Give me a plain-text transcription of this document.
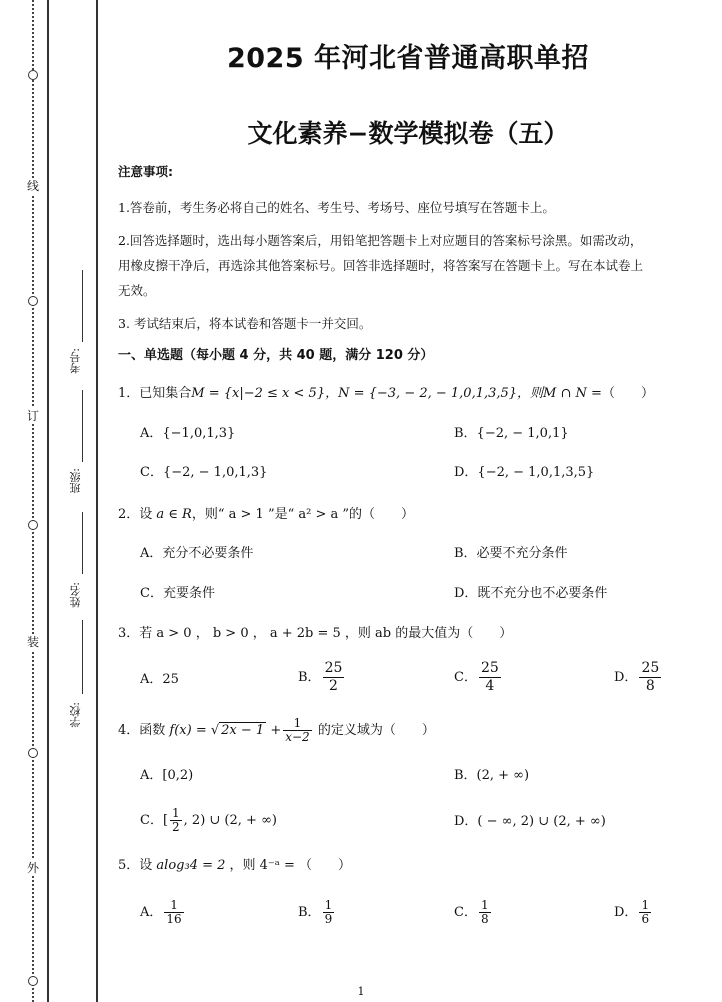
线
订
装
外
考号:
班级:
姓名:
学校:
2025 年河北省普通高职单招
文化素养−数学模拟卷（五）
注意事项:
1.答卷前，考生务必将自己的姓名、考生号、考场号、座位号填写在答题卡上。
2.回答选择题时，选出每小题答案后，用铅笔把答题卡上对应题目的答案标号涂黑。如需改动，
用橡皮擦干净后，再选涂其他答案标号。回答非选择题时，将答案写在答题卡上。写在本试卷上
无效。
3. 考试结束后，将本试卷和答题卡一并交回。
一、单选题（每小题 4 分，共 40 题，满分 120 分）
1．已知集合M = {x|−2 ≤ x < 5}，N = {−3, − 2, − 1,0,1,3,5}，则M ∩ N =（　　）
A．{−1,0,1,3}	B．{−2, − 1,0,1}
C．{−2, − 1,0,1,3}	D．{−2, − 1,0,1,3,5}
2．设 a ∈ R，则“ a > 1 ”是“ a² > a ”的（　　）
A．充分不必要条件	B．必要不充分条件
C．充要条件	D．既不充分也不必要条件
3．若 a > 0 ， b > 0 ， a + 2b = 5 ，则 ab 的最大值为（　　）
A．25	B． $\frac{25}{2}$	C． $\frac{25}{4}$	D． $\frac{25}{8}$
4．函数 f(x) = √ $2x - 1 + \frac{1}{x-2}$ 的定义域为（　　）
A．[0,2)	B．(2, + ∞)
C．[ $\frac{1}{2}$ , 2) ∪ (2, + ∞)	D．( − ∞, 2) ∪ (2, + ∞)
5．设 alog₃4 = 2 ，则 4⁻ᵃ = （　　）
A． $\frac{1}{16}$	B． $\frac{1}{9}$	C． $\frac{1}{8}$	D． $\frac{1}{6}$
1
